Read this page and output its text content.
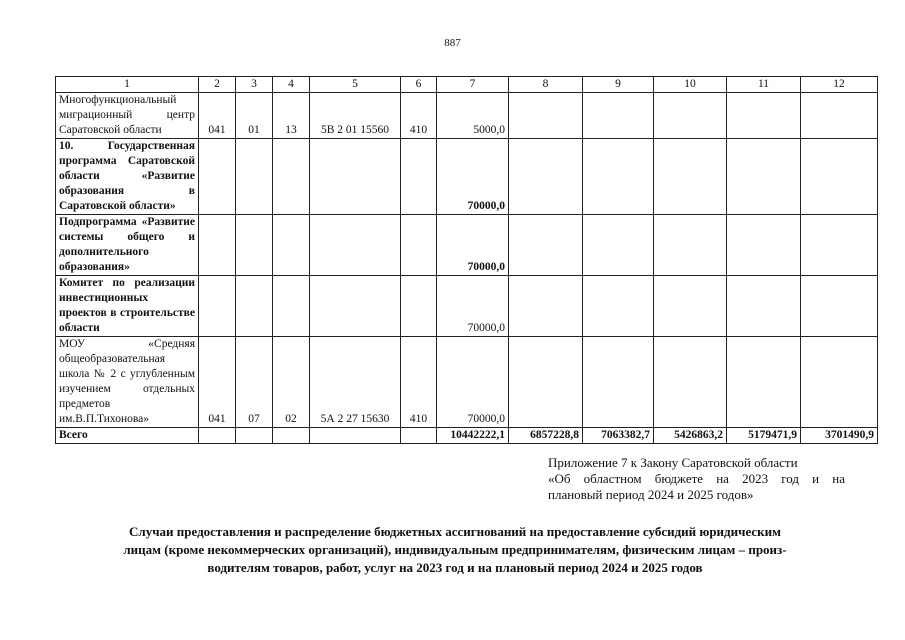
887
1	2	3	4	5	6	7	8	9	10	11	12
Многофункциональный миграционный центр Саратовской области	041	01	13	5В 2 01 15560	410	5000,0					
10. Государственная программа Саратовской области «Развитие образования в Саратовской области»						70000,0					
Подпрограмма «Развитие системы общего и дополнительного образования»						70000,0					
Комитет по реализации инвестиционных проектов в строительстве области						70000,0					
МОУ «Средняя общеобразовательная школа № 2 с углубленным изучением отдельных предметов им.В.П.Тихонова»	041	07	02	5А 2 27 15630	410	70000,0					
Всего						10442222,1	6857228,8	7063382,7	5426863,2	5179471,9	3701490,9
Приложение 7 к Закону Саратовской области
«Об областном бюджете на 2023 год и на
плановый период 2024 и 2025 годов»
Случаи предоставления и распределение бюджетных ассигнований на предоставление субсидий юридическим
лицам (кроме некоммерческих организаций), индивидуальным предпринимателям, физическим лицам – произ-
водителям товаров, работ, услуг на 2023 год и на плановый период 2024 и 2025 годов
